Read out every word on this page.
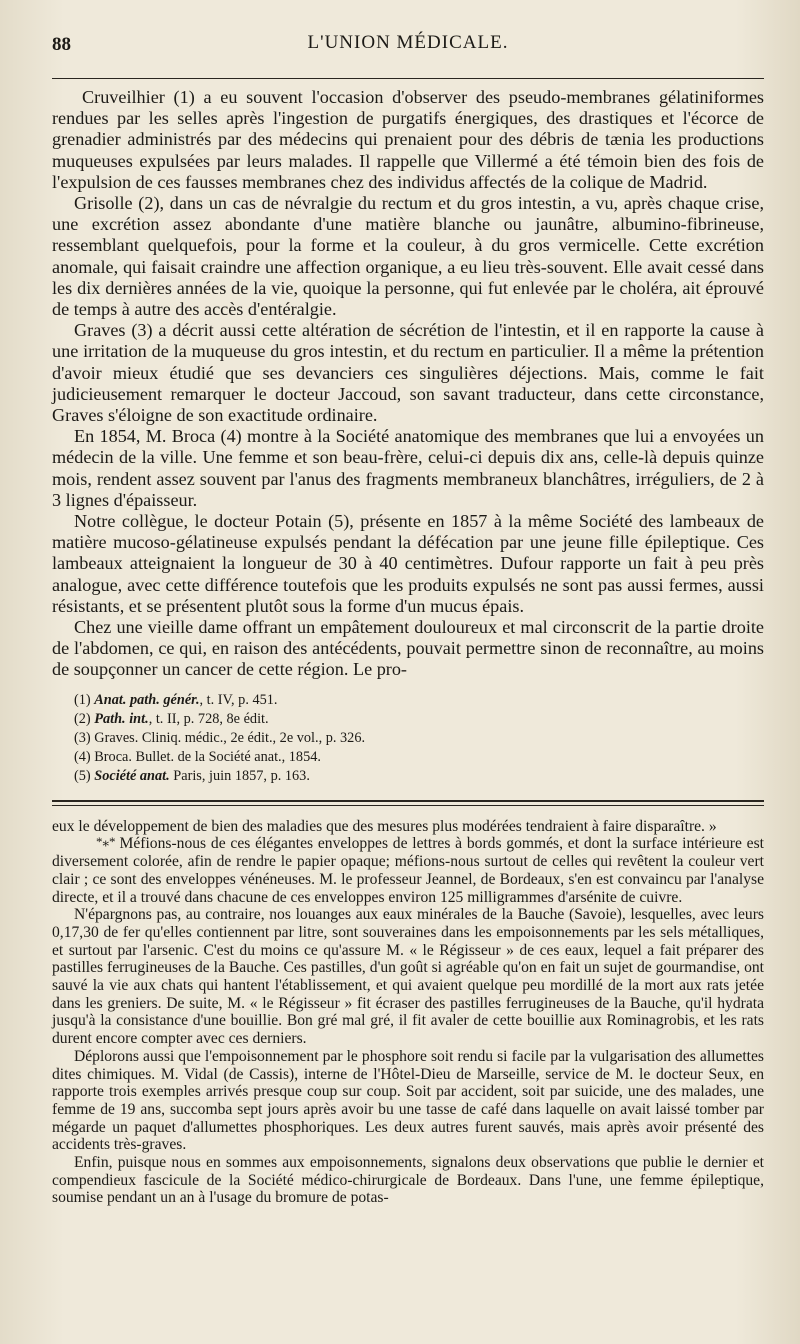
88	L'UNION MÉDICALE.

Cruveilhier (1) a eu souvent l'occasion d'observer des pseudo-membranes gélatiniformes rendues par les selles après l'ingestion de purgatifs énergiques, des drastiques et l'écorce de grenadier administrés par des médecins qui prenaient pour des débris de tænia les productions muqueuses expulsées par leurs malades. Il rappelle que Villermé a été témoin bien des fois de l'expulsion de ces fausses membranes chez des individus affectés de la colique de Madrid.

Grisolle (2), dans un cas de névralgie du rectum et du gros intestin, a vu, après chaque crise, une excrétion assez abondante d'une matière blanche ou jaunâtre, albumino-fibrineuse, ressemblant quelquefois, pour la forme et la couleur, à du gros vermicelle. Cette excrétion anomale, qui faisait craindre une affection organique, a eu lieu très-souvent. Elle avait cessé dans les dix dernières années de la vie, quoique la personne, qui fut enlevée par le choléra, ait éprouvé de temps à autre des accès d'entéralgie.

Graves (3) a décrit aussi cette altération de sécrétion de l'intestin, et il en rapporte la cause à une irritation de la muqueuse du gros intestin, et du rectum en particulier. Il a même la prétention d'avoir mieux étudié que ses devanciers ces singulières déjections. Mais, comme le fait judicieusement remarquer le docteur Jaccoud, son savant traducteur, dans cette circonstance, Graves s'éloigne de son exactitude ordinaire.

En 1854, M. Broca (4) montre à la Société anatomique des membranes que lui a envoyées un médecin de la ville. Une femme et son beau-frère, celui-ci depuis dix ans, celle-là depuis quinze mois, rendent assez souvent par l'anus des fragments membraneux blanchâtres, irréguliers, de 2 à 3 lignes d'épaisseur.

Notre collègue, le docteur Potain (5), présente en 1857 à la même Société des lambeaux de matière mucoso-gélatineuse expulsés pendant la défécation par une jeune fille épileptique. Ces lambeaux atteignaient la longueur de 30 à 40 centimètres. Dufour rapporte un fait à peu près analogue, avec cette différence toutefois que les produits expulsés ne sont pas aussi fermes, aussi résistants, et se présentent plutôt sous la forme d'un mucus épais.

Chez une vieille dame offrant un empâtement douloureux et mal circonscrit de la partie droite de l'abdomen, ce qui, en raison des antécédents, pouvait permettre sinon de reconnaître, au moins de soupçonner un cancer de cette région. Le pro-

(1) Anat. path. génér., t. IV, p. 451.
(2) Path. int., t. II, p. 728, 8e édit.
(3) Graves. Cliniq. médic., 2e édit., 2e vol., p. 326.
(4) Broca. Bullet. de la Société anat., 1854.
(5) Société anat. Paris, juin 1857, p. 163.

eux le développement de bien des maladies que des mesures plus modérées tendraient à faire disparaître. »

*⁎* Méfions-nous de ces élégantes enveloppes de lettres à bords gommés, et dont la surface intérieure est diversement colorée, afin de rendre le papier opaque; méfions-nous surtout de celles qui revêtent la couleur vert clair ; ce sont des enveloppes vénéneuses. M. le professeur Jeannel, de Bordeaux, s'en est convaincu par l'analyse directe, et il a trouvé dans chacune de ces enveloppes environ 125 milligrammes d'arsénite de cuivre.

N'épargnons pas, au contraire, nos louanges aux eaux minérales de la Bauche (Savoie), lesquelles, avec leurs 0,17,30 de fer qu'elles contiennent par litre, sont souveraines dans les empoisonnements par les sels métalliques, et surtout par l'arsenic. C'est du moins ce qu'assure M. « le Régisseur » de ces eaux, lequel a fait préparer des pastilles ferrugineuses de la Bauche. Ces pastilles, d'un goût si agréable qu'on en fait un sujet de gourmandise, ont sauvé la vie aux chats qui hantent l'établissement, et qui avaient quelque peu mordillé de la mort aux rats jetée dans les greniers. De suite, M. « le Régisseur » fit écraser des pastilles ferrugineuses de la Bauche, qu'il hydrata jusqu'à la consistance d'une bouillie. Bon gré mal gré, il fit avaler de cette bouillie aux Rominagrobis, et les rats durent encore compter avec ces derniers.

Déplorons aussi que l'empoisonnement par le phosphore soit rendu si facile par la vulgarisation des allumettes dites chimiques. M. Vidal (de Cassis), interne de l'Hôtel-Dieu de Marseille, service de M. le docteur Seux, en rapporte trois exemples arrivés presque coup sur coup. Soit par accident, soit par suicide, une des malades, une femme de 19 ans, succomba sept jours après avoir bu une tasse de café dans laquelle on avait laissé tomber par mégarde un paquet d'allumettes phosphoriques. Les deux autres furent sauvés, mais après avoir présenté des accidents très-graves.

Enfin, puisque nous en sommes aux empoisonnements, signalons deux observations que publie le dernier et compendieux fascicule de la Société médico-chirurgicale de Bordeaux. Dans l'une, une femme épileptique, soumise pendant un an à l'usage du bromure de potas-
